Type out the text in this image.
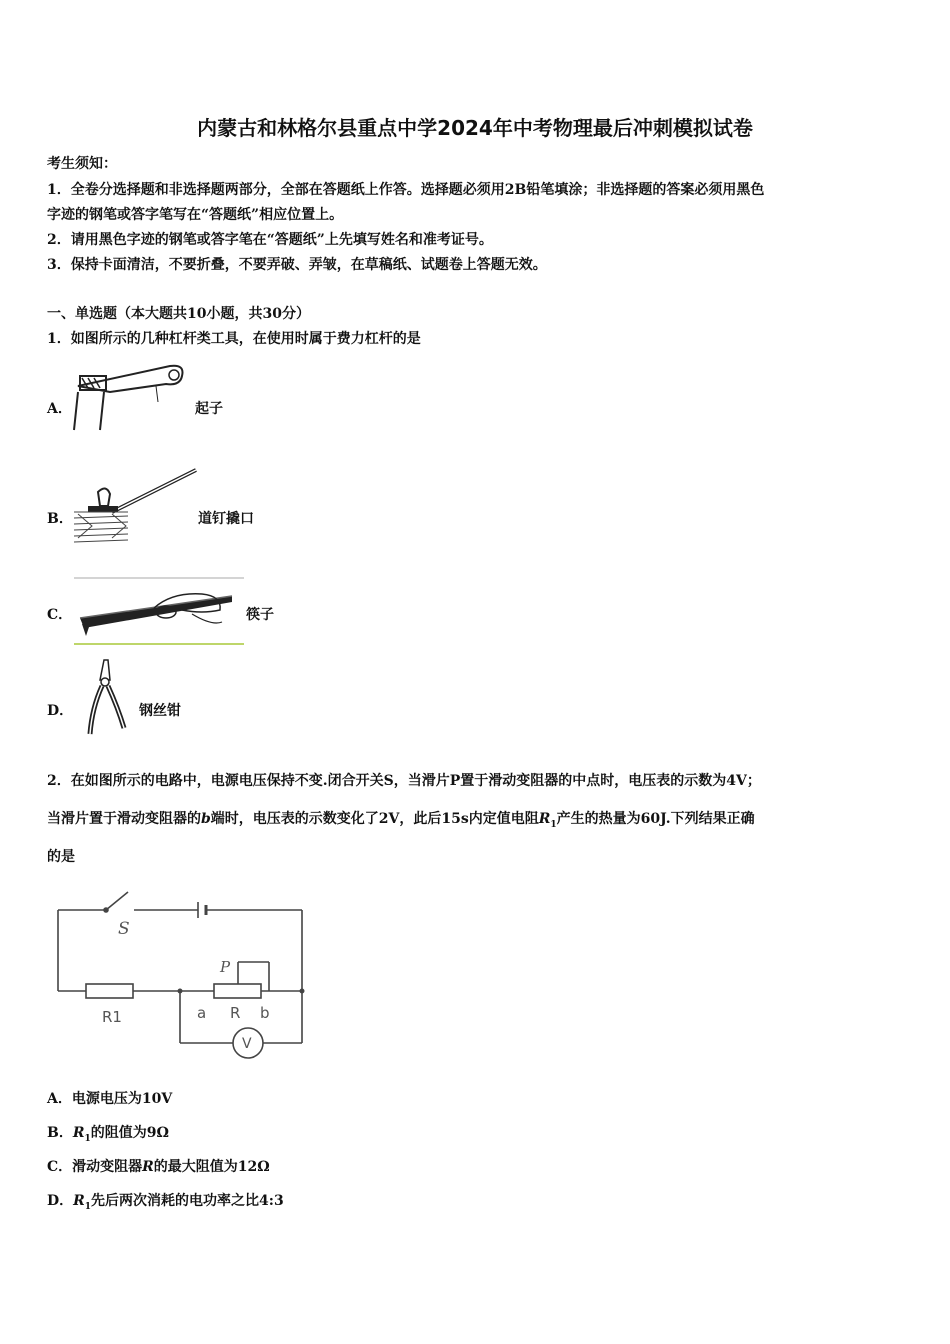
内蒙古和林格尔县重点中学2024年中考物理最后冲刺模拟试卷
考生须知：
1．全卷分选择题和非选择题两部分，全部在答题纸上作答。选择题必须用2B铅笔填涂；非选择题的答案必须用黑色
字迹的钢笔或答字笔写在“答题纸”相应位置上。
2．请用黑色字迹的钢笔或答字笔在“答题纸”上先填写姓名和准考证号。
3．保持卡面清洁，不要折叠，不要弄破、弄皱，在草稿纸、试题卷上答题无效。
一、单选题（本大题共10小题，共30分）
1．如图所示的几种杠杆类工具，在使用时属于费力杠杆的是
A．	起子
B．	道钉撬口
C．	筷子
D．	钢丝钳
2．在如图所示的电路中，电源电压保持不变.闭合开关S，当滑片P置于滑动变阻器的中点时，电压表的示数为4V；
当滑片置于滑动变阻器的b端时，电压表的示数变化了2V，此后15s内定值电阻$R_1$产生的热量为60J.下列结果正确
的是
S
P
R1	a R b
V
A．电源电压为10V
B．$R_1$的阻值为9Ω
C．滑动变阻器R的最大阻值为12Ω
D．$R_1$先后两次消耗的电功率之比4:3
